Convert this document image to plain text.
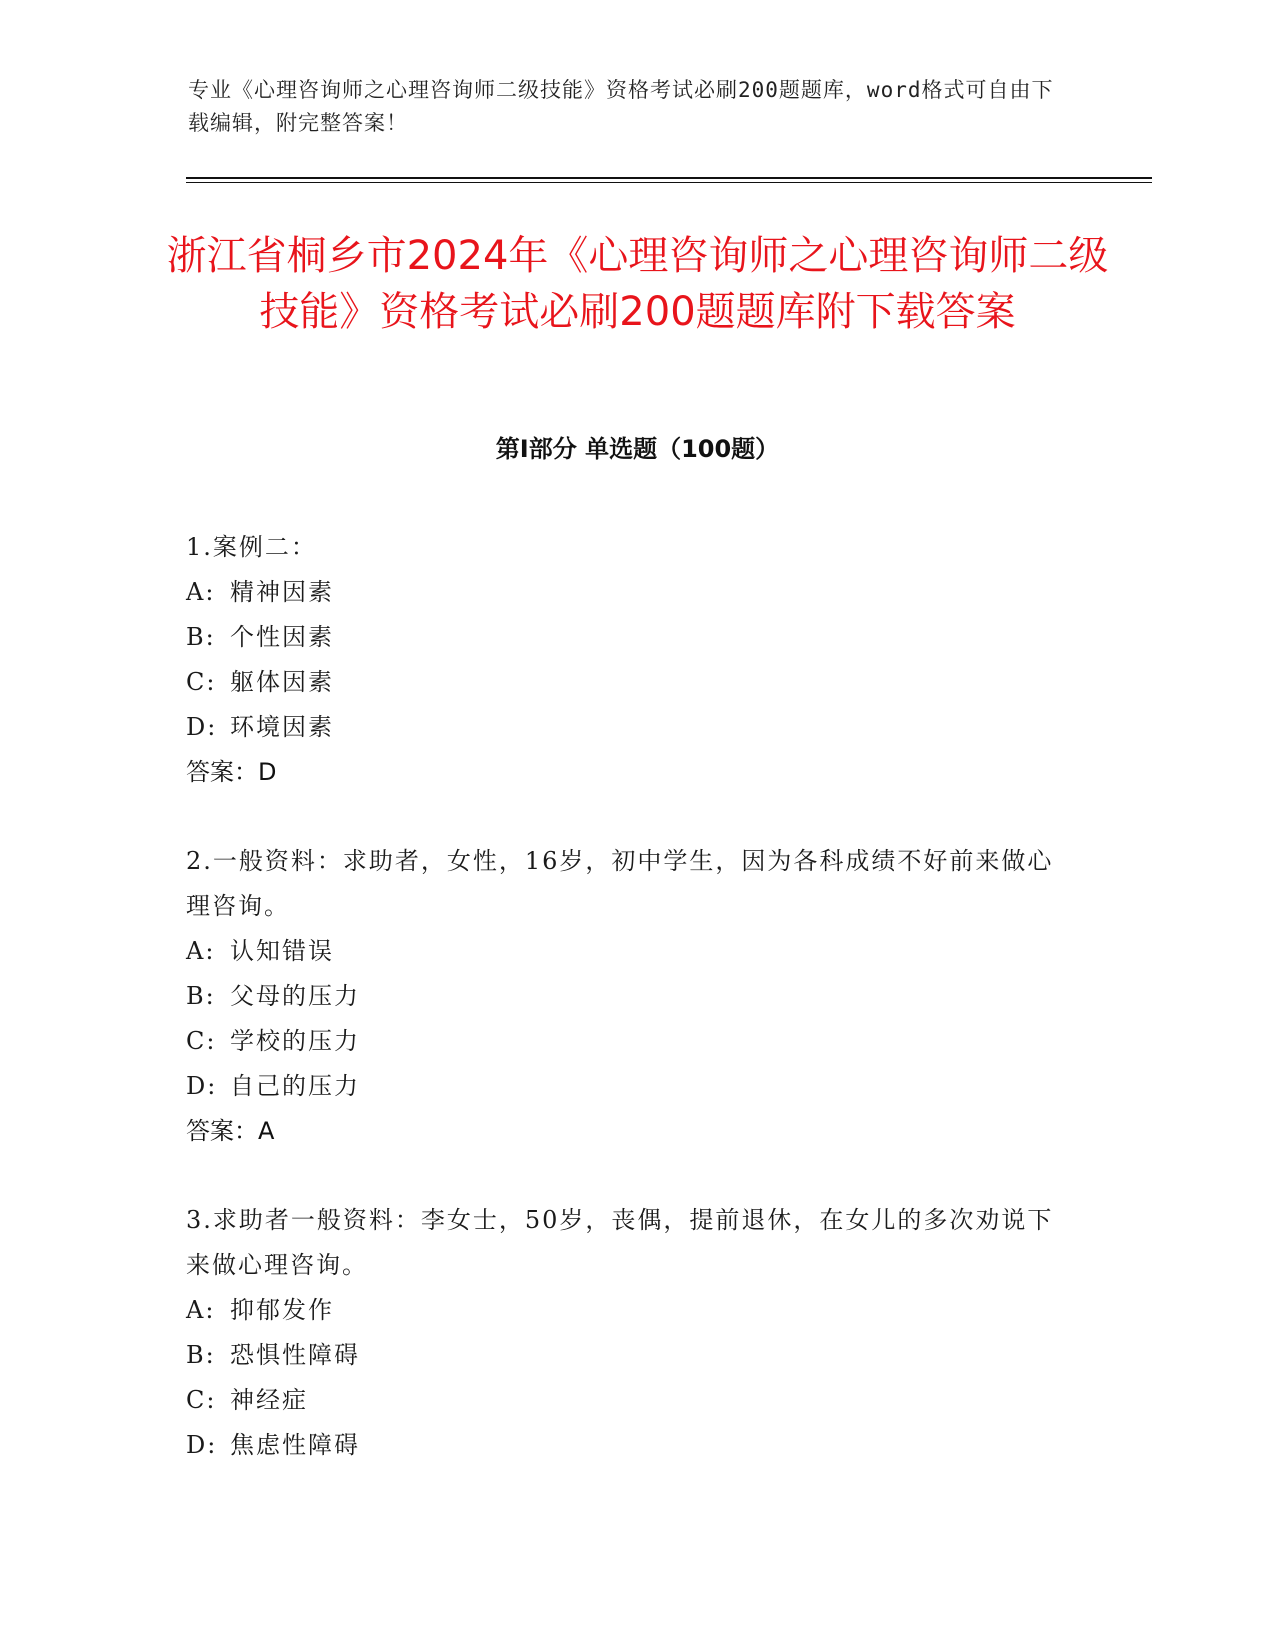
专业《心理咨询师之心理咨询师二级技能》资格考试必刷200题题库，word格式可自由下载编辑，附完整答案！
浙江省桐乡市2024年《心理咨询师之心理咨询师二级技能》资格考试必刷200题题库附下载答案
第Ⅰ部分 单选题（100题）

1.案例二：

A: 精神因素

B: 个性因素

C: 躯体因素

D: 环境因素

答案：D

2.一般资料：求助者，女性，16岁，初中学生，因为各科成绩不好前来做心理咨询。

A: 认知错误

B: 父母的压力

C: 学校的压力

D: 自己的压力

答案：A

3.求助者一般资料：李女士，50岁，丧偶，提前退休，在女儿的多次劝说下来做心理咨询。

A: 抑郁发作

B: 恐惧性障碍

C: 神经症

D: 焦虑性障碍
